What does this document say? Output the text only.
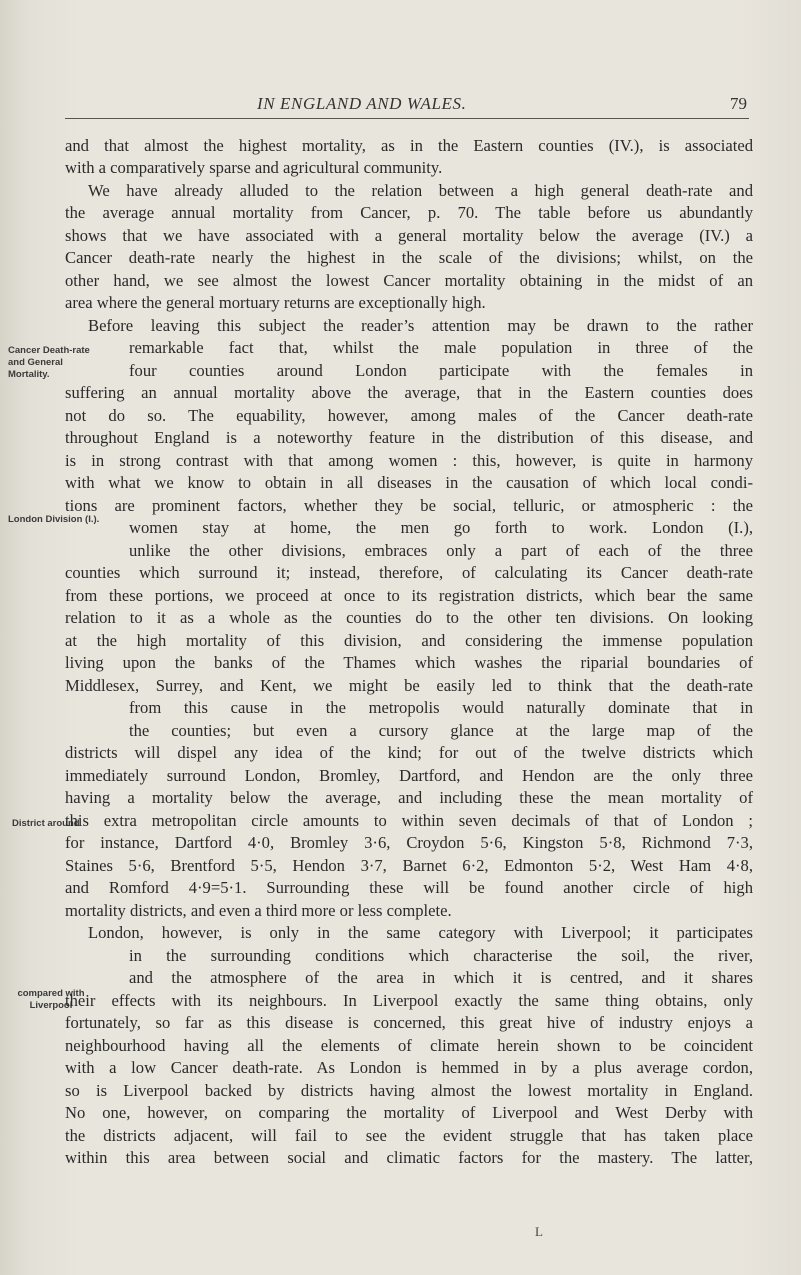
IN ENGLAND AND WALES.	79
Cancer Death-rate and General Mortality.
London Division (I.).
District around
compared with Liverpool
and that almost the highest mortality, as in the Eastern counties (IV.), is associated
with a comparatively sparse and agricultural community.
We have already alluded to the relation between a high general death-rate and
the average annual mortality from Cancer, p. 70. The table before us abundantly
shows that we have associated with a general mortality below the average (IV.) a
Cancer death-rate nearly the highest in the scale of the divisions; whilst, on the
other hand, we see almost the lowest Cancer mortality obtaining in the midst of an
area where the general mortuary returns are exceptionally high.
Before leaving this subject the reader’s attention may be drawn to the rather
remarkable fact that, whilst the male population in three of the
four counties around London participate with the females in
suffering an annual mortality above the average, that in the Eastern counties does
not do so. The equability, however, among males of the Cancer death-rate
throughout England is a noteworthy feature in the distribution of this disease, and
is in strong contrast with that among women : this, however, is quite in harmony
with what we know to obtain in all diseases in the causation of which local condi-
tions are prominent factors, whether they be social, telluric, or atmospheric : the
women stay at home, the men go forth to work. London (I.),
unlike the other divisions, embraces only a part of each of the three
counties which surround it; instead, therefore, of calculating its Cancer death-rate
from these portions, we proceed at once to its registration districts, which bear the same
relation to it as a whole as the counties do to the other ten divisions. On looking
at the high mortality of this division, and considering the immense population
living upon the banks of the Thames which washes the riparial boundaries of
Middlesex, Surrey, and Kent, we might be easily led to think that the death-rate
from this cause in the metropolis would naturally dominate that in
the counties; but even a cursory glance at the large map of the
districts will dispel any idea of the kind; for out of the twelve districts which
immediately surround London, Bromley, Dartford, and Hendon are the only three
having a mortality below the average, and including these the mean mortality of
this extra metropolitan circle amounts to within seven decimals of that of London ;
for instance, Dartford 4·0, Bromley 3·6, Croydon 5·6, Kingston 5·8, Richmond 7·3,
Staines 5·6, Brentford 5·5, Hendon 3·7, Barnet 6·2, Edmonton 5·2, West Ham 4·8,
and Romford 4·9=5·1. Surrounding these will be found another circle of high
mortality districts, and even a third more or less complete.
London, however, is only in the same category with Liverpool; it participates
in the surrounding conditions which characterise the soil, the river,
and the atmosphere of the area in which it is centred, and it shares
their effects with its neighbours. In Liverpool exactly the same thing obtains, only
fortunately, so far as this disease is concerned, this great hive of industry enjoys a
neighbourhood having all the elements of climate herein shown to be coincident
with a low Cancer death-rate. As London is hemmed in by a plus average cordon,
so is Liverpool backed by districts having almost the lowest mortality in England.
No one, however, on comparing the mortality of Liverpool and West Derby with
the districts adjacent, will fail to see the evident struggle that has taken place
within this area between social and climatic factors for the mastery. The latter,
L
